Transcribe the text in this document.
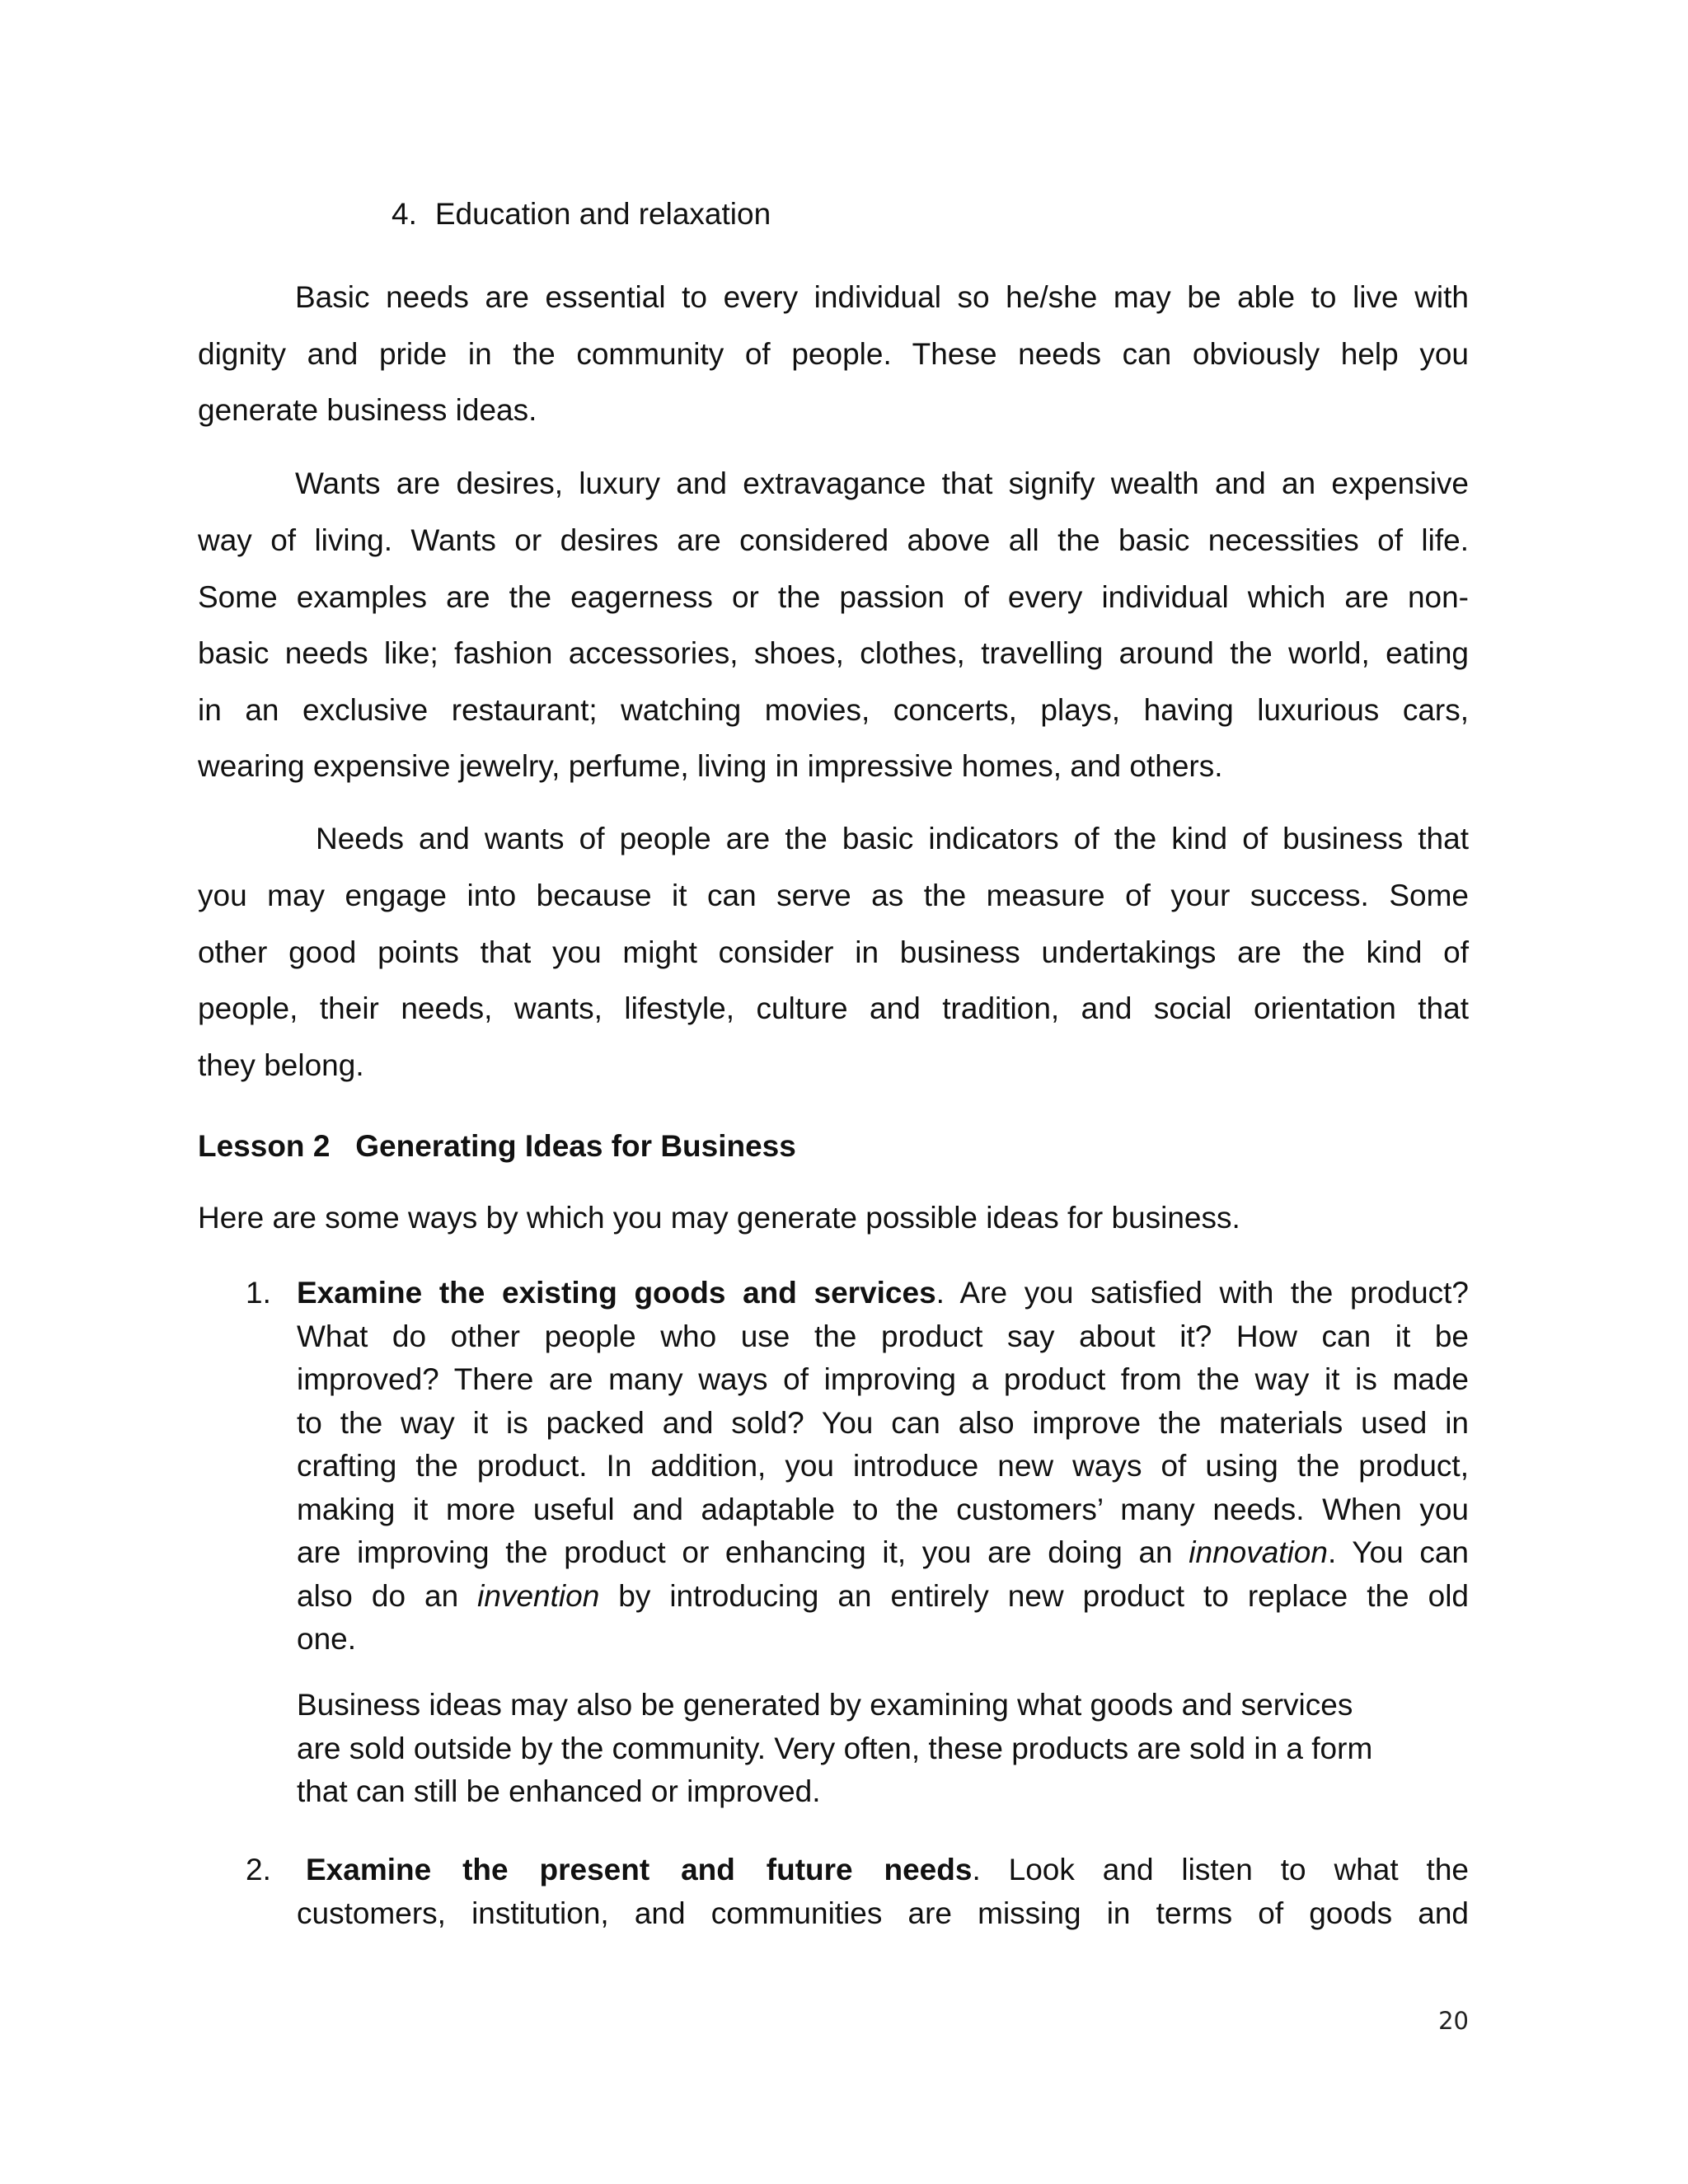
4. Education and relaxation
Basic needs are essential to every individual so he/she may be able to live with
dignity and pride in the community of people. These needs can obviously help you
generate business ideas.
Wants are desires, luxury and extravagance that signify wealth and an expensive
way of living. Wants or desires are considered above all the basic necessities of life.
Some examples are the eagerness or the passion of every individual which are non-
basic needs like; fashion accessories, shoes, clothes, travelling around the world, eating
in an exclusive restaurant; watching movies, concerts, plays, having luxurious cars,
wearing expensive jewelry, perfume, living in impressive homes, and others.
Needs and wants of people are the basic indicators of the kind of business that
you may engage into because it can serve as the measure of your success. Some
other good points that you might consider in business undertakings are the kind of
people, their needs, wants, lifestyle, culture and tradition, and social orientation that
they belong.
Lesson 2   Generating Ideas for Business
Here are some ways by which you may generate possible ideas for business.
1. Examine the existing goods and services. Are you satisfied with the product?
What do other people who use the product say about it? How can it be
improved? There are many ways of improving a product from the way it is made
to the way it is packed and sold? You can also improve the materials used in
crafting the product. In addition, you introduce new ways of using the product,
making it more useful and adaptable to the customers’ many needs. When you
are improving the product or enhancing it, you are doing an innovation. You can
also do an invention by introducing an entirely new product to replace the old
one.
Business ideas may also be generated by examining what goods and services
are sold outside by the community. Very often, these products are sold in a form
that can still be enhanced or improved.
2. Examine the present and future needs. Look and listen to what the
customers, institution, and communities are missing in terms of goods and
20
